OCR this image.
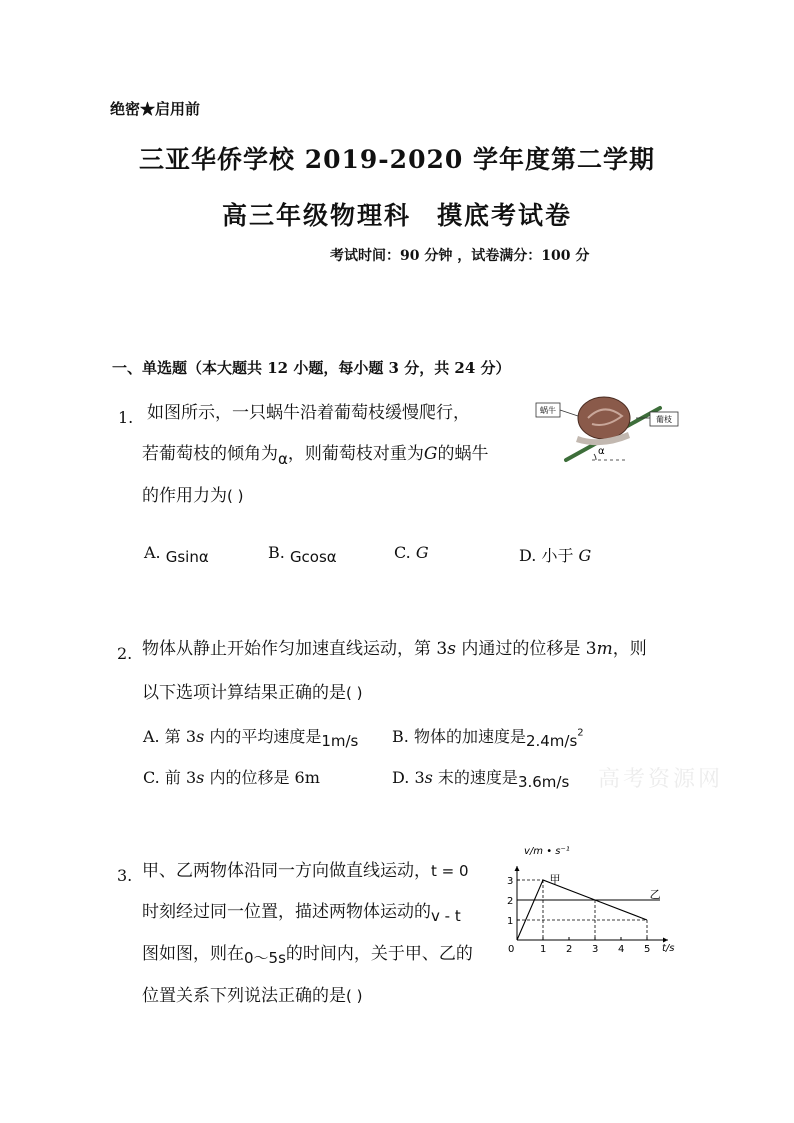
绝密★启用前
三亚华侨学校 2019-2020 学年度第二学期
高三年级物理科 摸底考试卷
考试时间：90 分钟 ，试卷满分：100 分
一、单选题（本大题共 12 小题，每小题 3 分，共 24 分）
1. 如图所示，一只蜗牛沿着葡萄枝缓慢爬行，
若葡萄枝的倾角为α，则葡萄枝对重为G的蜗牛
的作用力为( )
A. Gsinα	B. Gcosα	C. G	D. 小于 G
蜗牛
葡枝
α
2. 物体从静止开始作匀加速直线运动，第 3s 内通过的位移是 3m，则
以下选项计算结果正确的是( )
A. 第 3s 内的平均速度是1m/s B. 物体的加速度是$2.4m/s^2$
C. 前 3s 内的位移是 6m	D. 3s 末的速度是3.6m/s 高考资源网
3. 甲、乙两物体沿同一方向做直线运动，t = 0
时刻经过同一位置，描述两物体运动的v - t
图如图，则在0～5s的时间内，关于甲、乙的
位置关系下列说法正确的是( )
0	1 2 3 4 5
1
2
3
v/m • s⁻¹
t/s
甲
乙
